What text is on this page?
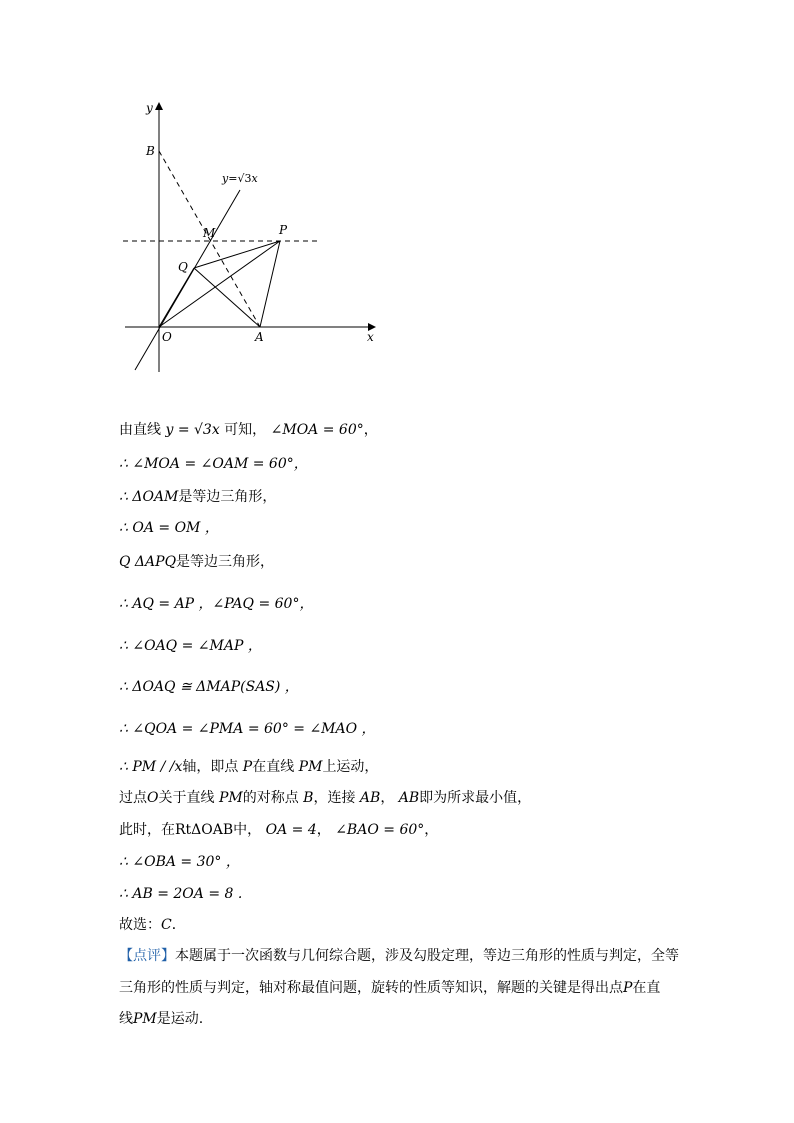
y
x
B
M	P
Q
O	A
y=√3x
由直线 y = √3x 可知， ∠MOA = 60°，
∴ ∠MOA = ∠OAM = 60°，
∴ ΔOAM是等边三角形，
∴ OA = OM ，
Q ΔAPQ是等边三角形，
∴ AQ = AP ，∠PAQ = 60°，
∴ ∠OAQ = ∠MAP ，
∴ ΔOAQ ≅ ΔMAP(SAS) ，
∴ ∠QOA = ∠PMA = 60° = ∠MAO ，
∴ PM / /x轴，即点 P在直线 PM上运动，
过点O关于直线 PM的对称点 B，连接 AB， AB即为所求最小值，
此时，在RtΔOAB中， OA = 4， ∠BAO = 60°，
∴ ∠OBA = 30° ，
∴ AB = 2OA = 8 .
故选：C．
【点评】本题属于一次函数与几何综合题，涉及勾股定理，等边三角形的性质与判定，全等
三角形的性质与判定，轴对称最值问题，旋转的性质等知识，解题的关键是得出点P在直
线PM是运动.
